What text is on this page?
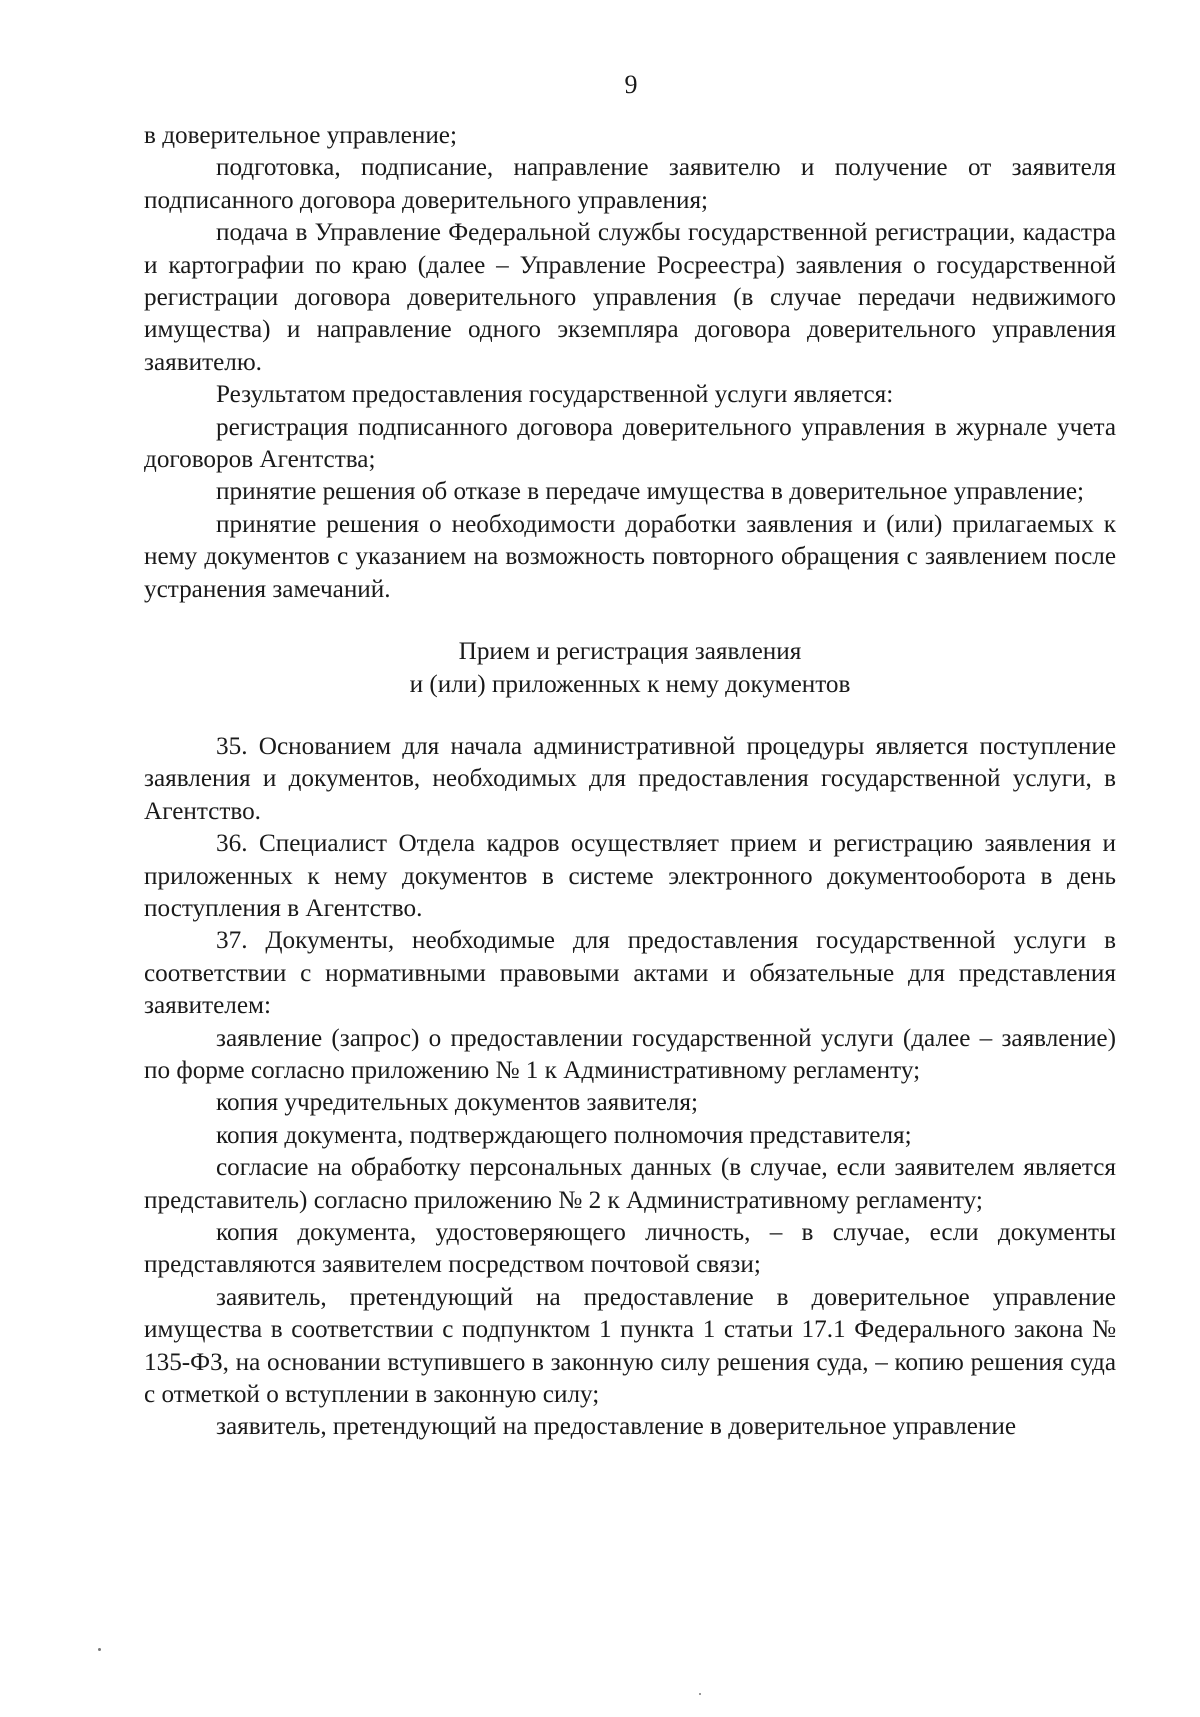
9

в доверительное управление;

подготовка, подписание, направление заявителю и получение от заявителя подписанного договора доверительного управления;

подача в Управление Федеральной службы государственной регистрации, кадастра и картографии по краю (далее – Управление Росреестра) заявления о государственной регистрации договора доверительного управления (в случае передачи недвижимого имущества) и направление одного экземпляра договора доверительного управления заявителю.

Результатом предоставления государственной услуги является:

регистрация подписанного договора доверительного управления в журнале учета договоров Агентства;

принятие решения об отказе в передаче имущества в доверительное управление;

принятие решения о необходимости доработки заявления и (или) прилагаемых к нему документов с указанием на возможность повторного обращения с заявлением после устранения замечаний.

Прием и регистрация заявления

и (или) приложенных к нему документов

35. Основанием для начала административной процедуры является поступление заявления и документов, необходимых для предоставления государственной услуги, в Агентство.

36. Специалист Отдела кадров осуществляет прием и регистрацию заявления и приложенных к нему документов в системе электронного документооборота в день поступления в Агентство.

37. Документы, необходимые для предоставления государственной услуги в соответствии с нормативными правовыми актами и обязательные для представления заявителем:

заявление (запрос) о предоставлении государственной услуги (далее – заявление) по форме согласно приложению № 1 к Административному регламенту;

копия учредительных документов заявителя;

копия документа, подтверждающего полномочия представителя;

согласие на обработку персональных данных (в случае, если заявителем является представитель) согласно приложению № 2 к Административному регламенту;

копия документа, удостоверяющего личность, – в случае, если документы представляются заявителем посредством почтовой связи;

заявитель, претендующий на предоставление в доверительное управление имущества в соответствии с подпунктом 1 пункта 1 статьи 17.1 Федерального закона № 135-ФЗ, на основании вступившего в законную силу решения суда, – копию решения суда с отметкой о вступлении в законную силу;

заявитель, претендующий на предоставление в доверительное управление
